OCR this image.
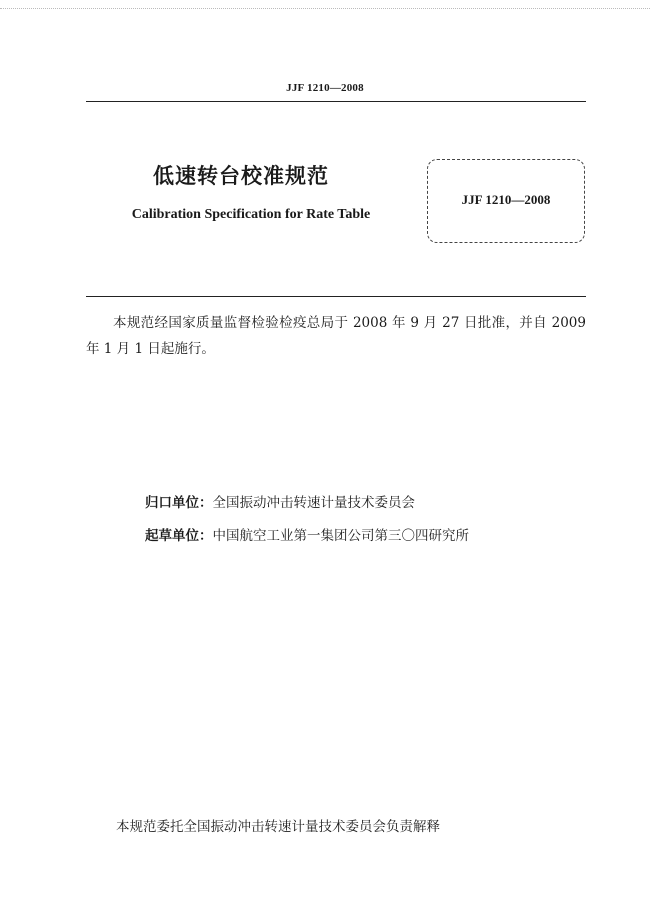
JJF 1210—2008
低速转台校准规范
Calibration Specification for Rate Table
JJF 1210—2008
本规范经国家质量监督检验检疫总局于 2008 年 9 月 27 日批准，并自 2009 年 1 月 1 日起施行。
归口单位：全国振动冲击转速计量技术委员会
起草单位：中国航空工业第一集团公司第三〇四研究所
本规范委托全国振动冲击转速计量技术委员会负责解释
